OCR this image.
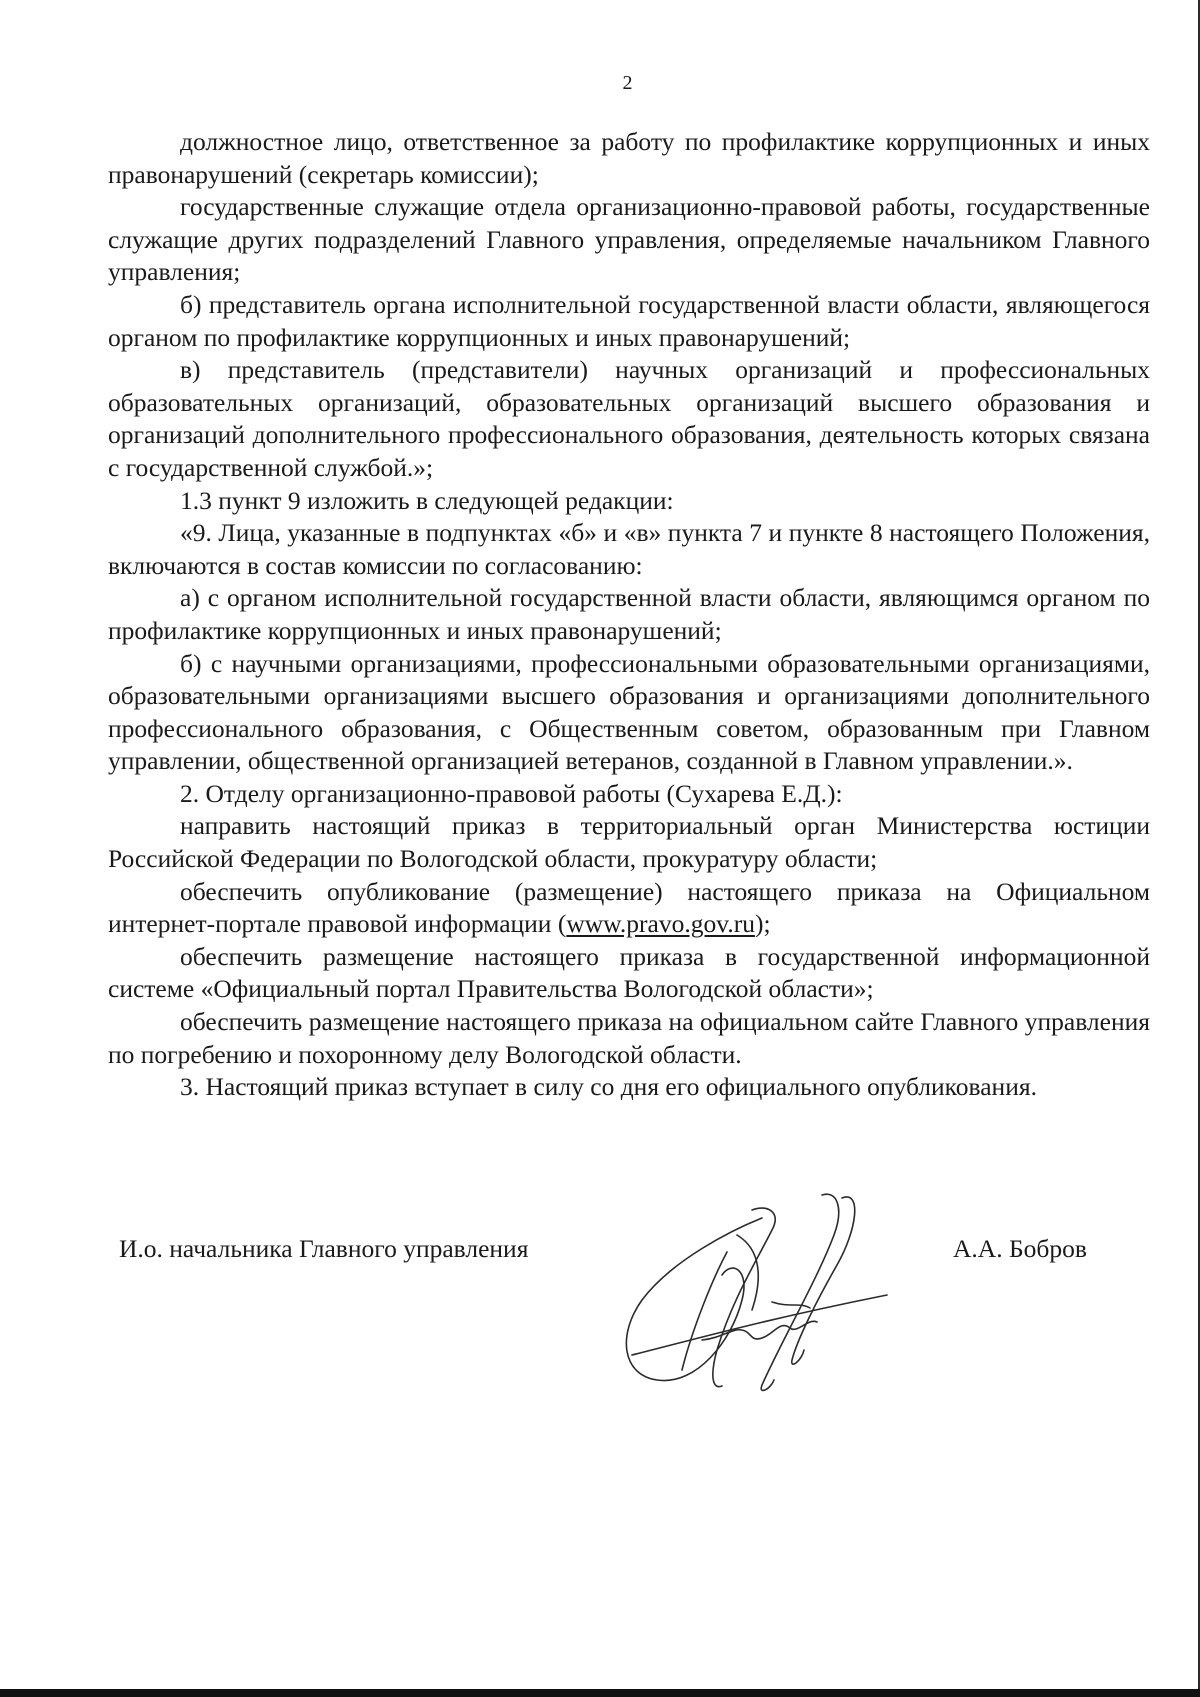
2

должностное лицо, ответственное за работу по профилактике коррупционных и иных правонарушений (секретарь комиссии);

государственные служащие отдела организационно-правовой работы, государственные служащие других подразделений Главного управления, определяемые начальником Главного управления;

б) представитель органа исполнительной государственной власти области, являющегося органом по профилактике коррупционных и иных правонарушений;

в) представитель (представители) научных организаций и профессиональных образовательных организаций, образовательных организаций высшего образования и организаций дополнительного профессионального образования, деятельность которых связана с государственной службой.»;

1.3 пункт 9 изложить в следующей редакции:

«9. Лица, указанные в подпунктах «б» и «в» пункта 7 и пункте 8 настоящего Положения, включаются в состав комиссии по согласованию:

а) с органом исполнительной государственной власти области, являющимся органом по профилактике коррупционных и иных правонарушений;

б) с научными организациями, профессиональными образовательными организациями, образовательными организациями высшего образования и организациями дополнительного профессионального образования, с Общественным советом, образованным при Главном управлении, общественной организацией ветеранов, созданной в Главном управлении.».

2. Отделу организационно-правовой работы (Сухарева Е.Д.):

направить настоящий приказ в территориальный орган Министерства юстиции Российской Федерации по Вологодской области, прокуратуру области;

обеспечить опубликование (размещение) настоящего приказа на Официальном интернет-портале правовой информации (www.pravo.gov.ru);

обеспечить размещение настоящего приказа в государственной информационной системе «Официальный портал Правительства Вологодской области»;

обеспечить размещение настоящего приказа на официальном сайте Главного управления по погребению и похоронному делу Вологодской области.

3. Настоящий приказ вступает в силу со дня его официального опубликования.

И.о. начальника Главного управления	А.А. Бобров
